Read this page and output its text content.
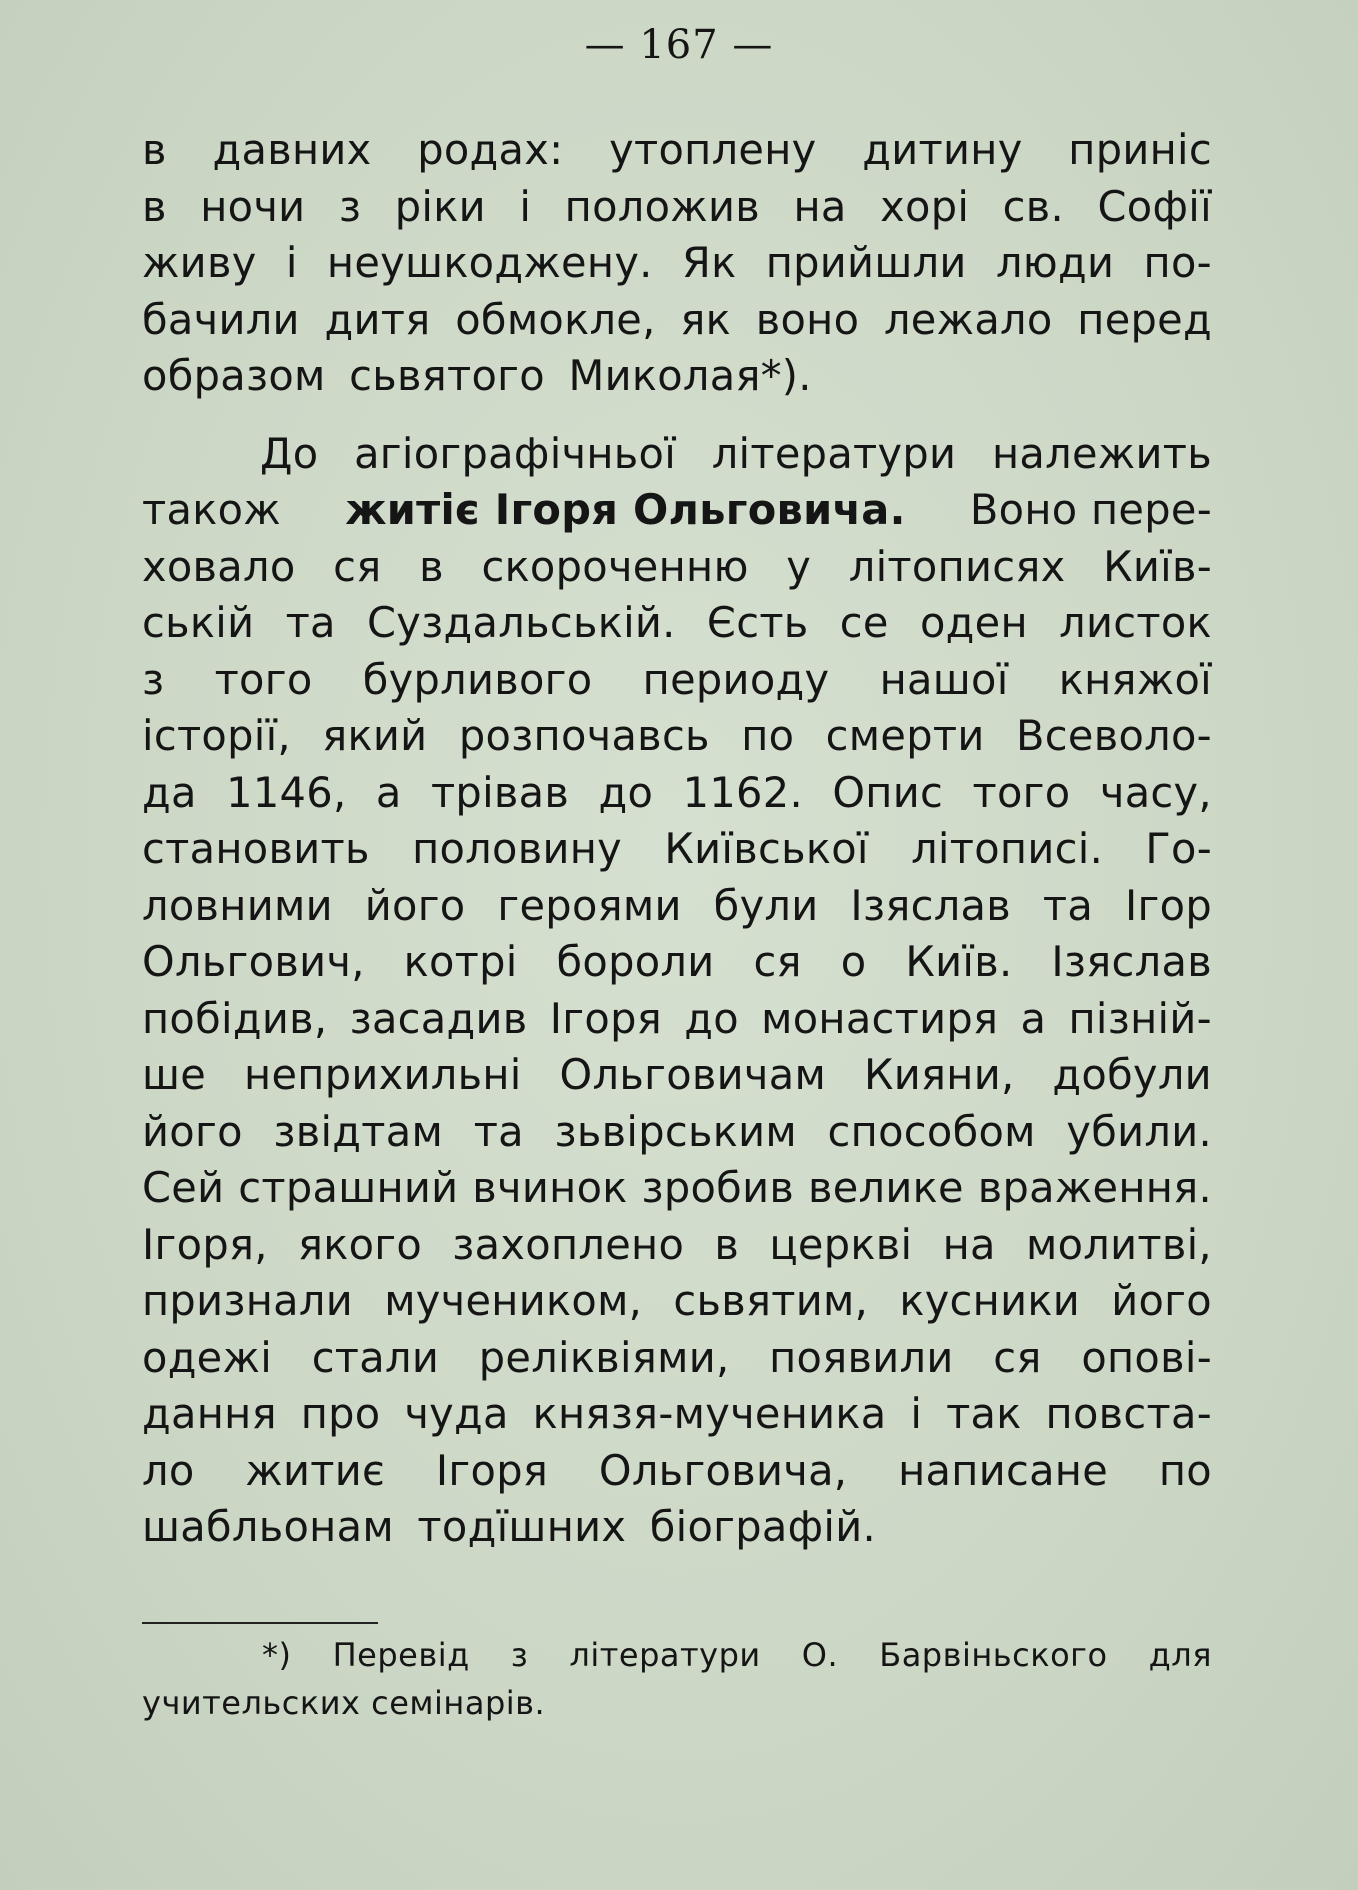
— 167 —
в давних родах: утоплену дитину приніс
в ночи з ріки і положив на хорі св. Софії
живу і неушкоджену. Як прийшли люди по-
бачили дитя обмокле, як воно лежало перед
образом сьвятого Миколая*).
До агіографічньої літератури належить
також житіє Ігоря Ольговича. Воно пере-
ховало ся в скороченню у літописях Київ-
ській та Суздальській. Єсть се оден листок
з того бурливого периоду нашої княжої
історії, який розпочавсь по смерти Всеволо-
да 1146, а трівав до 1162. Опис того часу,
становить половину Київської літописі. Го-
ловними його героями були Ізяслав та Ігор
Ольгович, котрі бороли ся о Київ. Ізяслав
побідив, засадив Ігоря до монастиря а пізній-
ше неприхильні Ольговичам Кияни, добули
його звідтам та зьвірським способом убили.
Сей страшний вчинок зробив велике враження.
Ігоря, якого захоплено в церкві на молитві,
признали мучеником, сьвятим, кусники його
одежі стали реліквіями, появили ся опові-
дання про чуда князя-мученика і так повста-
ло житиє Ігоря Ольговича, написане по
шабльонам тодїшних біографій.
*) Перевід з літератури О. Барвіньского для
учительских семінарів.
